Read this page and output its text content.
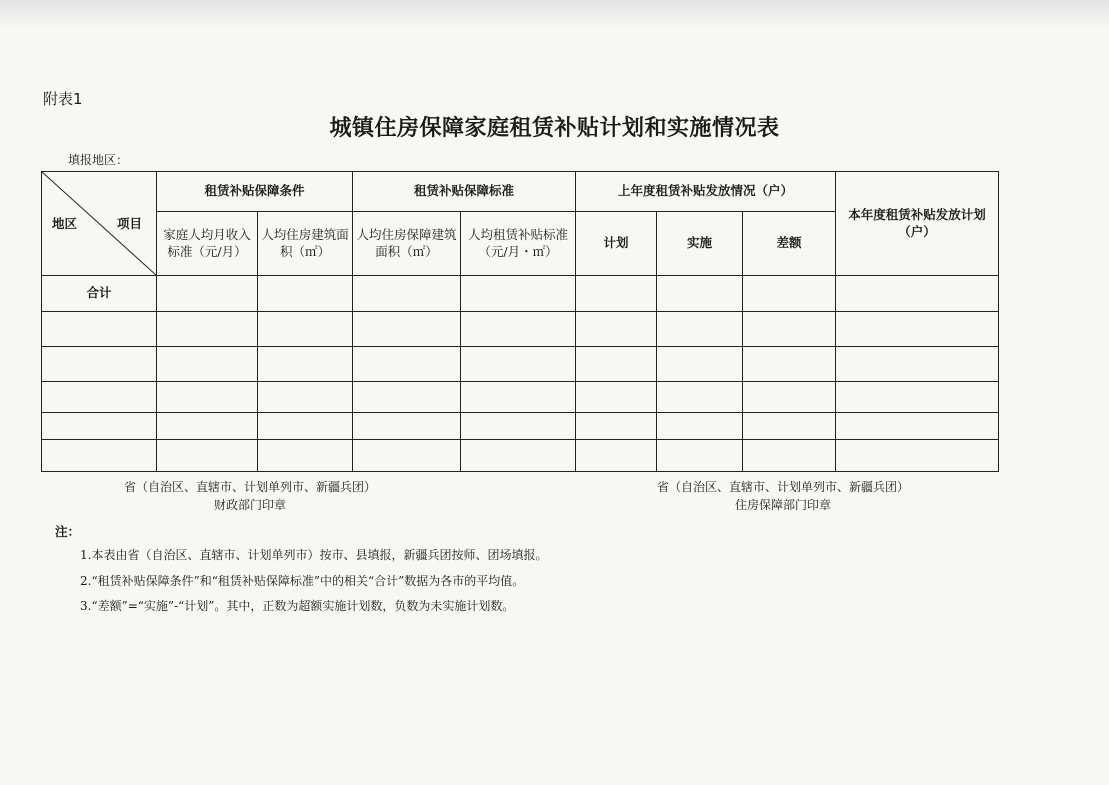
附表1
城镇住房保障家庭租赁补贴计划和实施情况表
填报地区：
地区 项目	租赁补贴保障条件		租赁补贴保障标准		上年度租赁补贴发放情况（户）			本年度租赁补贴发放计划（户）
	家庭人均月收入标准（元/月）	人均住房建筑面积（㎡）	人均住房保障建筑面积（㎡）	人均租赁补贴标准（元/月・㎡）	计划	实施	差额	
合计								

省（自治区、直辖市、计划单列市、新疆兵团）
财政部门印章
省（自治区、直辖市、计划单列市、新疆兵团）
住房保障部门印章
注：
1.本表由省（自治区、直辖市、计划单列市）按市、县填报，新疆兵团按师、团场填报。
2.“租赁补贴保障条件”和“租赁补贴保障标准”中的相关“合计”数据为各市的平均值。
3.“差额”=“实施”-“计划”。其中，正数为超额实施计划数，负数为未实施计划数。
